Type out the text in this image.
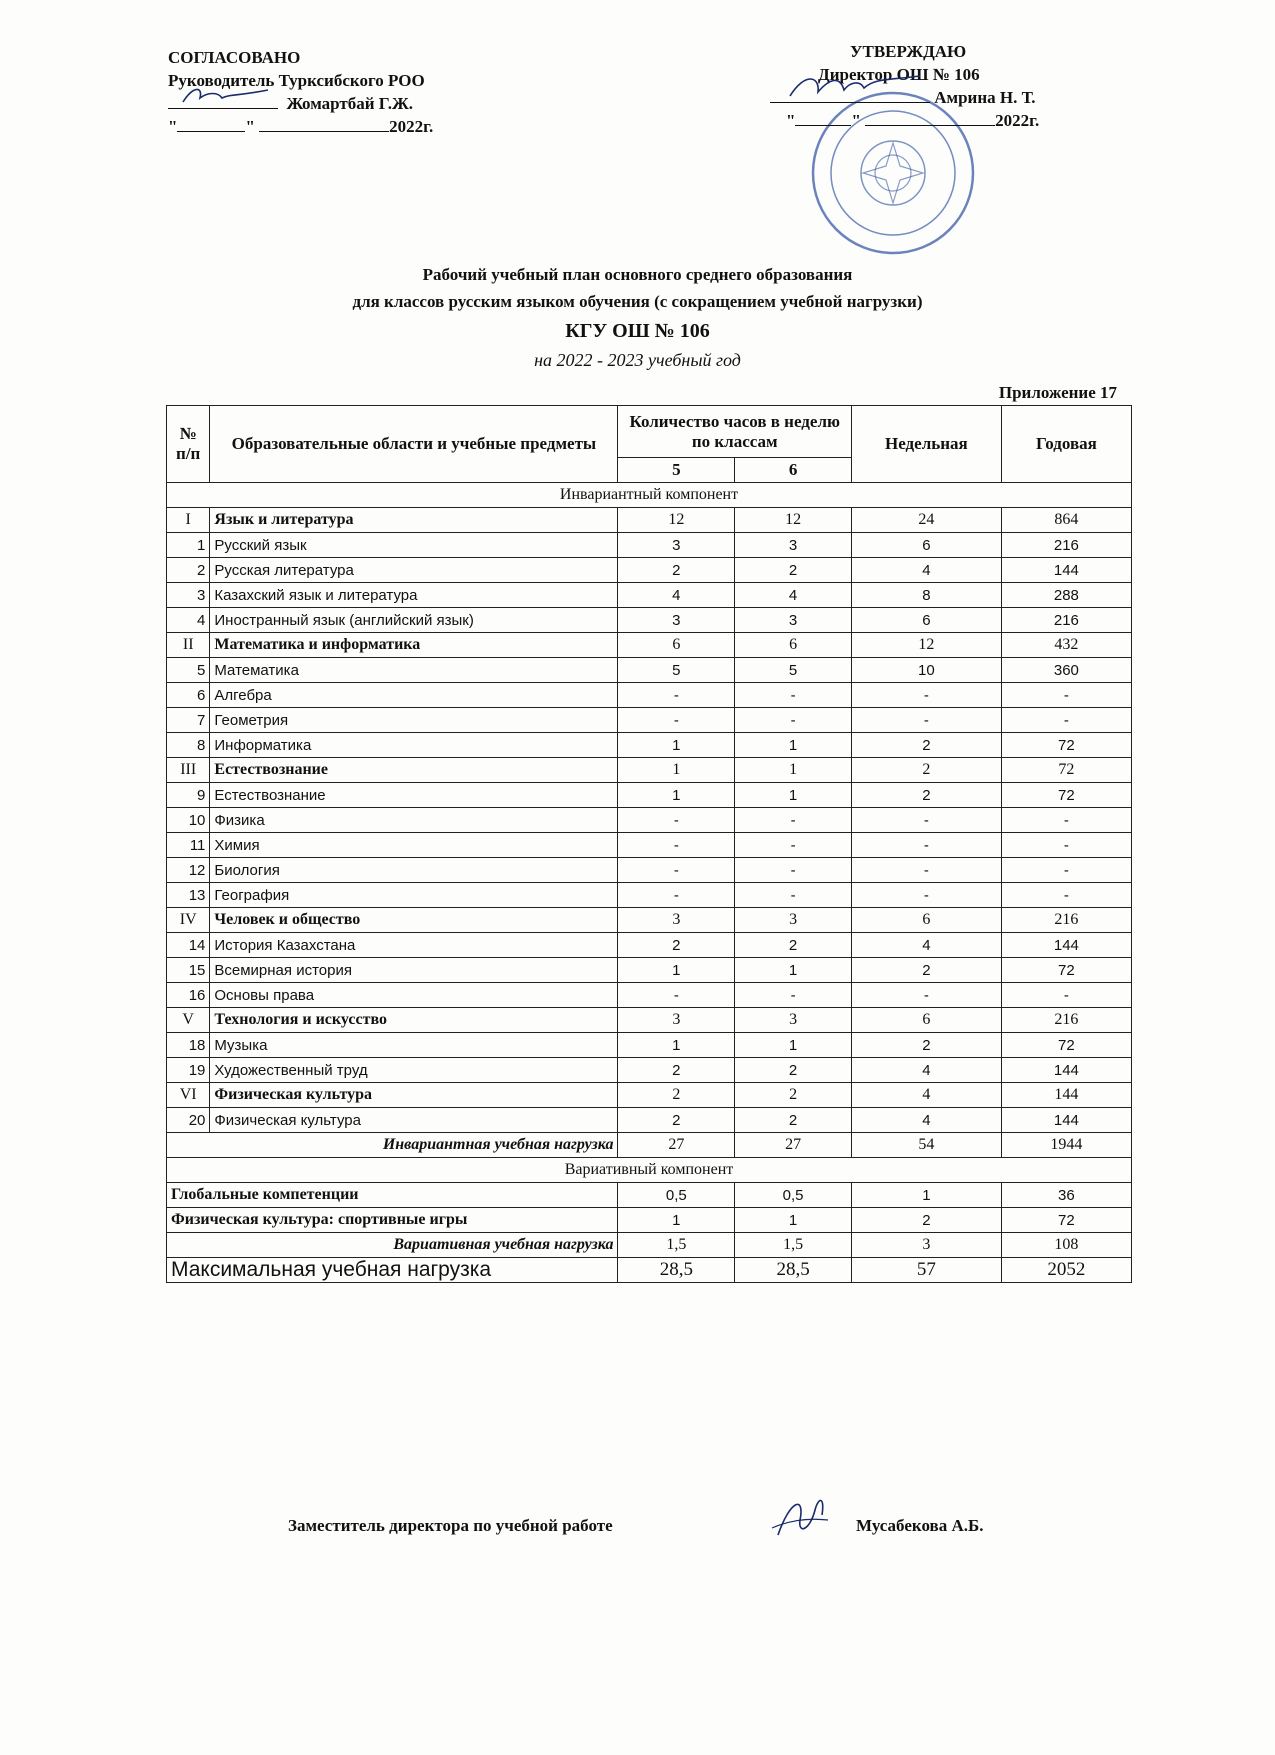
СОГЛАСОВАНО
Руководитель Турксибского РОО
Жомартбай Г.Ж.
"	"	2022г.
УТВЕРЖДАЮ
Директор ОШ № 106
Амрина Н. Т.
"	"	2022г.
Рабочий учебный план основного среднего образования
для классов русским языком обучения (с сокращением учебной нагрузки)
КГУ ОШ № 106
на 2022 - 2023 учебный год
Приложение 17
№ п/п	Образовательные области и учебные предметы	Количество часов в неделю по классам		Недельная	Годовая
		5	6		
Инвариантный компонент					
I	Язык и литература	12	12	24	864
1	Русский язык	3	3	6	216
2	Русская литература	2	2	4	144
3	Казахский язык и литература	4	4	8	288
4	Иностранный язык (английский язык)	3	3	6	216
II	Математика и информатика	6	6	12	432
5	Математика	5	5	10	360
6	Алгебра	-	-	-	-
7	Геометрия	-	-	-	-
8	Информатика	1	1	2	72
III	Естествознание	1	1	2	72
9	Естествознание	1	1	2	72
10	Физика	-	-	-	-
11	Химия	-	-	-	-
12	Биология	-	-	-	-
13	География	-	-	-	-
IV	Человек и общество	3	3	6	216
14	История Казахстана	2	2	4	144
15	Всемирная история	1	1	2	72
16	Основы права	-	-	-	-
V	Технология и искусство	3	3	6	216
18	Музыка	1	1	2	72
19	Художественный труд	2	2	4	144
VI	Физическая культура	2	2	4	144
20	Физическая культура	2	2	4	144
Инвариантная учебная нагрузка		27	27	54	1944
Вариативный компонент					
Глобальные компетенции		0,5	0,5	1	36
Физическая культура: спортивные игры		1	1	2	72
Вариативная учебная нагрузка		1,5	1,5	3	108
Максимальная учебная нагрузка		28,5	28,5	57	2052
Заместитель директора по учебной работе	Мусабекова А.Б.
